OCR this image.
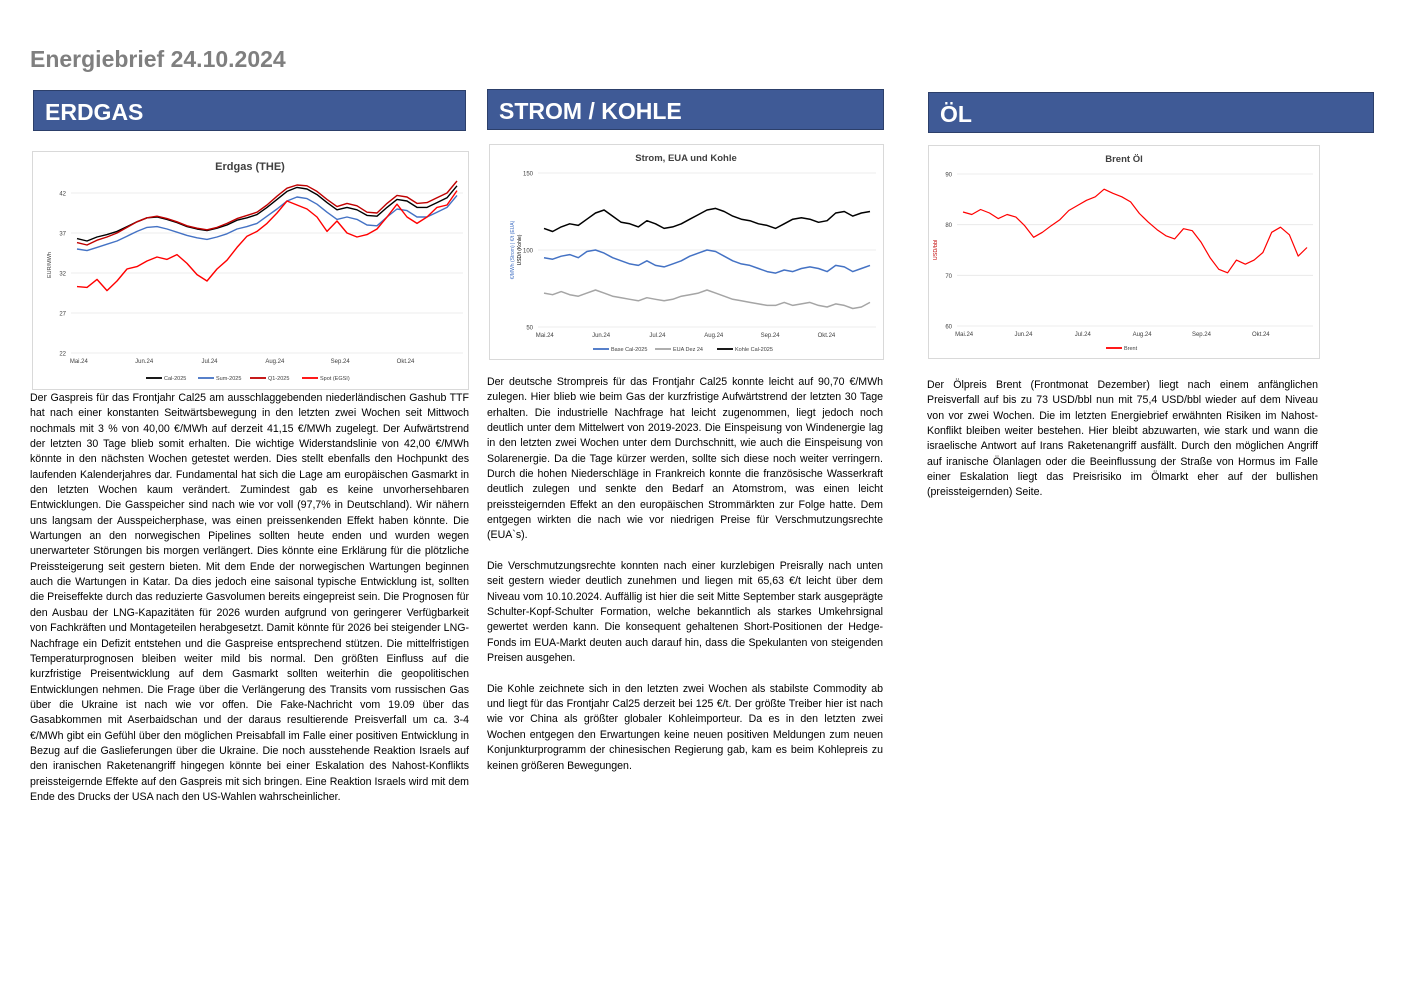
Energiebrief 24.10.2024
ERDGAS	STROM / KOHLE	ÖL
Erdgas (THE)
22
27
32
37
42
Mai.24	Jun.24	Jul.24	Aug.24	Sep.24	Okt.24
EUR/MWh
Cal-2025	Sum-2025	Q1-2025	Spot (EGSI)
Strom, EUA und Kohle
50
100
150
Mai.24	Jun.24	Jul.24	Aug.24	Sep.24	Okt.24
€/MWh (Strom) | €/t (EUA) USD/t (Kohle)
Base Cal-2025	EUA Dez 24	Kohle Cal-2025
Brent Öl
60
70
80
90
Mai.24	Jun.24	Jul.24	Aug.24	Sep.24	Okt.24
USD/bbl
Brent

Der Gaspreis für das Frontjahr Cal25 am ausschlaggebenden niederländischen Gashub TTF hat nach einer konstanten Seitwärtsbewegung in den letzten zwei Wochen seit Mittwoch nochmals mit 3 % von 40,00 €/MWh auf derzeit 41,15 €/MWh zugelegt. Der Aufwärtstrend der letzten 30 Tage blieb somit erhalten. Die wichtige Widerstandslinie von 42,00 €/MWh könnte in den nächsten Wochen getestet werden. Dies stellt ebenfalls den Hochpunkt des laufenden Kalenderjahres dar. Fundamental hat sich die Lage am europäischen Gasmarkt in den letzten Wochen kaum verändert. Zumindest gab es keine unvorhersehbaren Entwicklungen. Die Gasspeicher sind nach wie vor voll (97,7% in Deutschland). Wir nähern uns langsam der Ausspeicherphase, was einen preissenkenden Effekt haben könnte. Die Wartungen an den norwegischen Pipelines sollten heute enden und wurden wegen unerwarteter Störungen bis morgen verlängert. Dies könnte eine Erklärung für die plötzliche Preissteigerung seit gestern bieten. Mit dem Ende der norwegischen Wartungen beginnen auch die Wartungen in Katar. Da dies jedoch eine saisonal typische Entwicklung ist, sollten die Preiseffekte durch das reduzierte Gasvolumen bereits eingepreist sein. Die Prognosen für den Ausbau der LNG-Kapazitäten für 2026 wurden aufgrund von geringerer Verfügbarkeit von Fachkräften und Montageteilen herabgesetzt. Damit könnte für 2026 bei steigender LNG-Nachfrage ein Defizit entstehen und die Gaspreise entsprechend stützen. Die mittelfristigen Temperaturprognosen bleiben weiter mild bis normal. Den größten Einfluss auf die kurzfristige Preisentwicklung auf dem Gasmarkt sollten weiterhin die geopolitischen Entwicklungen nehmen. Die Frage über die Verlängerung des Transits vom russischen Gas über die Ukraine ist nach wie vor offen. Die Fake-Nachricht vom 19.09 über das Gasabkommen mit Aserbaidschan und der daraus resultierende Preisverfall um ca. 3-4 €/MWh gibt ein Gefühl über den möglichen Preisabfall im Falle einer positiven Entwicklung in Bezug auf die Gaslieferungen über die Ukraine. Die noch ausstehende Reaktion Israels auf den iranischen Raketenangriff hingegen könnte bei einer Eskalation des Nahost-Konflikts preissteigernde Effekte auf den Gaspreis mit sich bringen. Eine Reaktion Israels wird mit dem Ende des Drucks der USA nach den US-Wahlen wahrscheinlicher.

Der deutsche Strompreis für das Frontjahr Cal25 konnte leicht auf 90,70 €/MWh zulegen. Hier blieb wie beim Gas der kurzfristige Aufwärtstrend der letzten 30 Tage erhalten. Die industrielle Nachfrage hat leicht zugenommen, liegt jedoch noch deutlich unter dem Mittelwert von 2019-2023. Die Einspeisung von Windenergie lag in den letzten zwei Wochen unter dem Durchschnitt, wie auch die Einspeisung von Solarenergie. Da die Tage kürzer werden, sollte sich diese noch weiter verringern. Durch die hohen Niederschläge in Frankreich konnte die französische Wasserkraft deutlich zulegen und senkte den Bedarf an Atomstrom, was einen leicht preissteigernden Effekt an den europäischen Strommärkten zur Folge hatte. Dem entgegen wirkten die nach wie vor niedrigen Preise für Verschmutzungsrechte (EUA`s).

Die Verschmutzungsrechte konnten nach einer kurzlebigen Preisrally nach unten seit gestern wieder deutlich zunehmen und liegen mit 65,63 €/t leicht über dem Niveau vom 10.10.2024. Auffällig ist hier die seit Mitte September stark ausgeprägte Schulter-Kopf-Schulter Formation, welche bekanntlich als starkes Umkehrsignal gewertet werden kann. Die konsequent gehaltenen Short-Positionen der Hedge-Fonds im EUA-Markt deuten auch darauf hin, dass die Spekulanten von steigenden Preisen ausgehen.

Die Kohle zeichnete sich in den letzten zwei Wochen als stabilste Commodity ab und liegt für das Frontjahr Cal25 derzeit bei 125 €/t. Der größte Treiber hier ist nach wie vor China als größter globaler Kohleimporteur. Da es in den letzten zwei Wochen entgegen den Erwartungen keine neuen positiven Meldungen zum neuen Konjunkturprogramm der chinesischen Regierung gab, kam es beim Kohlepreis zu keinen größeren Bewegungen.

Der Ölpreis Brent (Frontmonat Dezember) liegt nach einem anfänglichen Preisverfall auf bis zu 73 USD/bbl nun mit 75,4 USD/bbl wieder auf dem Niveau von vor zwei Wochen. Die im letzten Energiebrief erwähnten Risiken im Nahost-Konflikt bleiben weiter bestehen. Hier bleibt abzuwarten, wie stark und wann die israelische Antwort auf Irans Raketenangriff ausfällt. Durch den möglichen Angriff auf iranische Ölanlagen oder die Beeinflussung der Straße von Hormus im Falle einer Eskalation liegt das Preisrisiko im Ölmarkt eher auf der bullishen (preissteigernden) Seite.
